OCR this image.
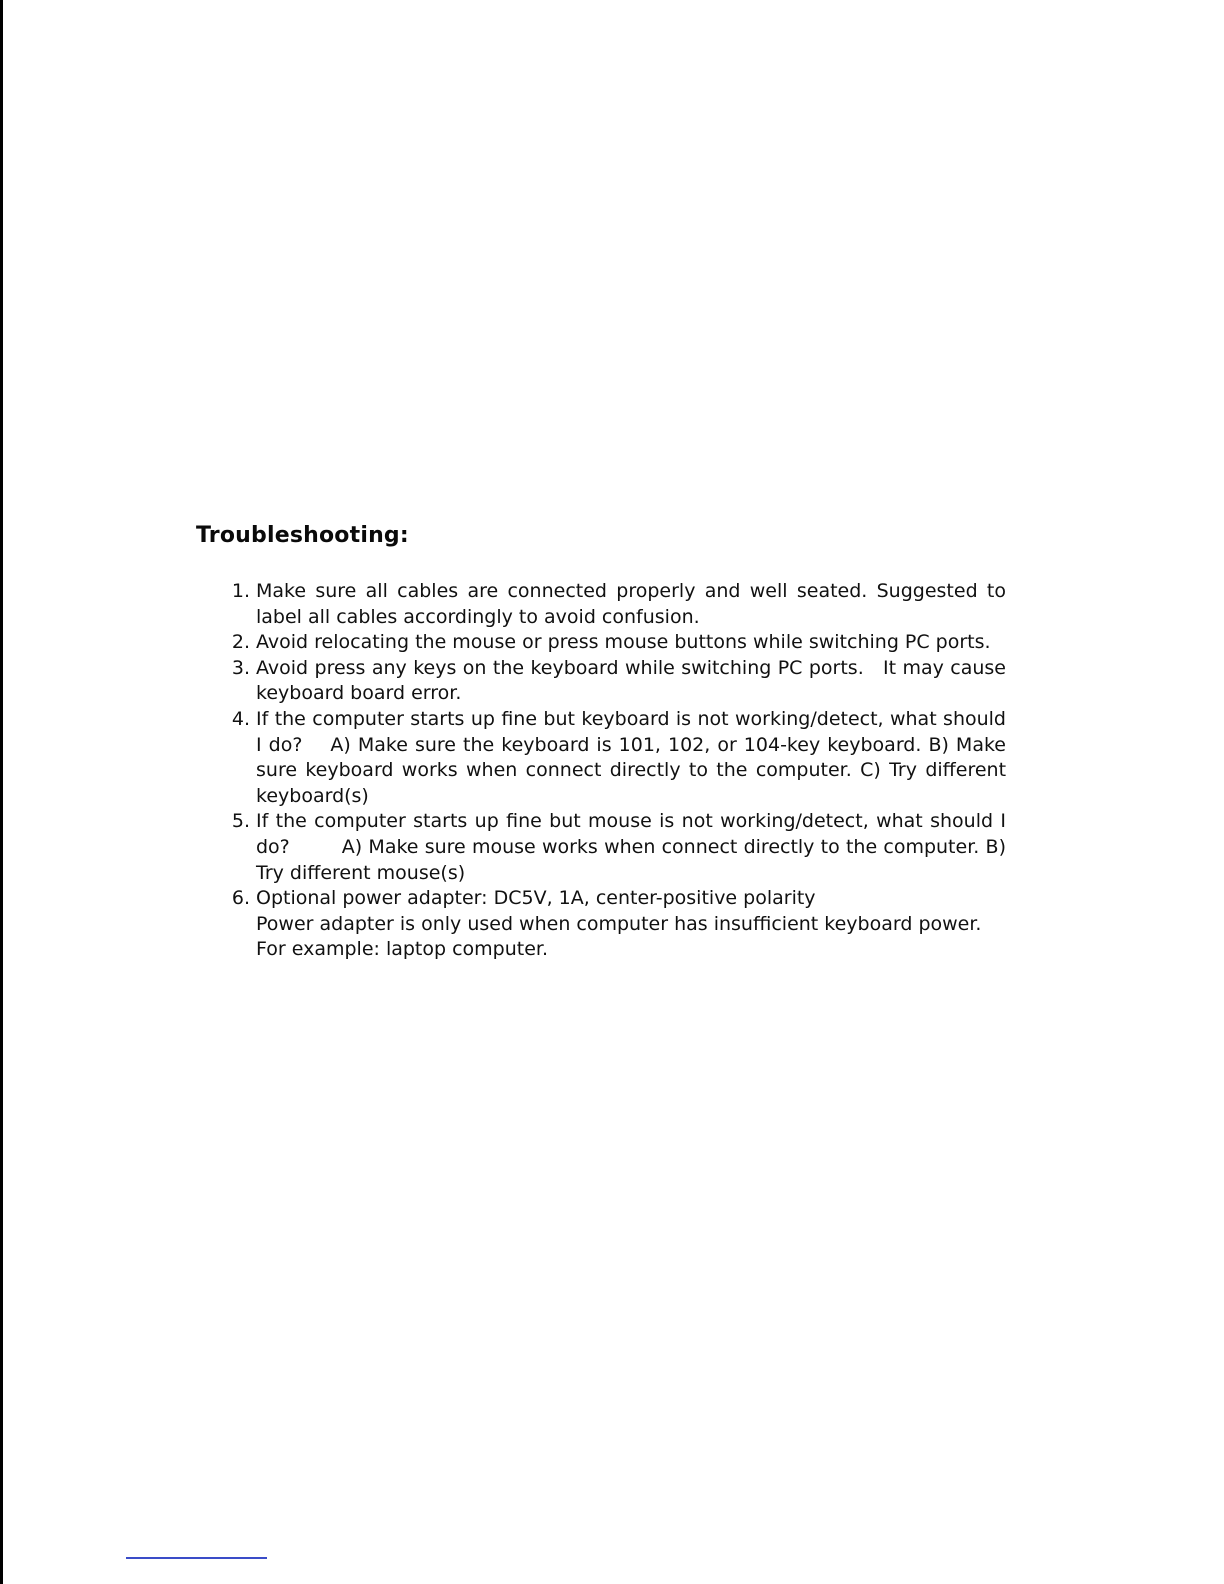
Troubleshooting:
1. Make sure all cables are connected properly and well seated. Suggested to label all cables accordingly to avoid confusion.

2. Avoid relocating the mouse or press mouse buttons while switching PC ports.

3. Avoid press any keys on the keyboard while switching PC ports.   It may cause keyboard board error.

4. If the computer starts up fine but keyboard is not working/detect, what should I do? A) Make sure the keyboard is 101, 102, or 104-key keyboard. B) Make sure keyboard works when connect directly to the computer. C) Try different keyboard(s)

5. If the computer starts up fine but mouse is not working/detect, what should I do?	A) Make sure mouse works when connect directly to the computer. B) Try different mouse(s)

6. Optional power adapter: DC5V, 1A, center-positive polarity

Power adapter is only used when computer has insufficient keyboard power.

For example: laptop computer.
